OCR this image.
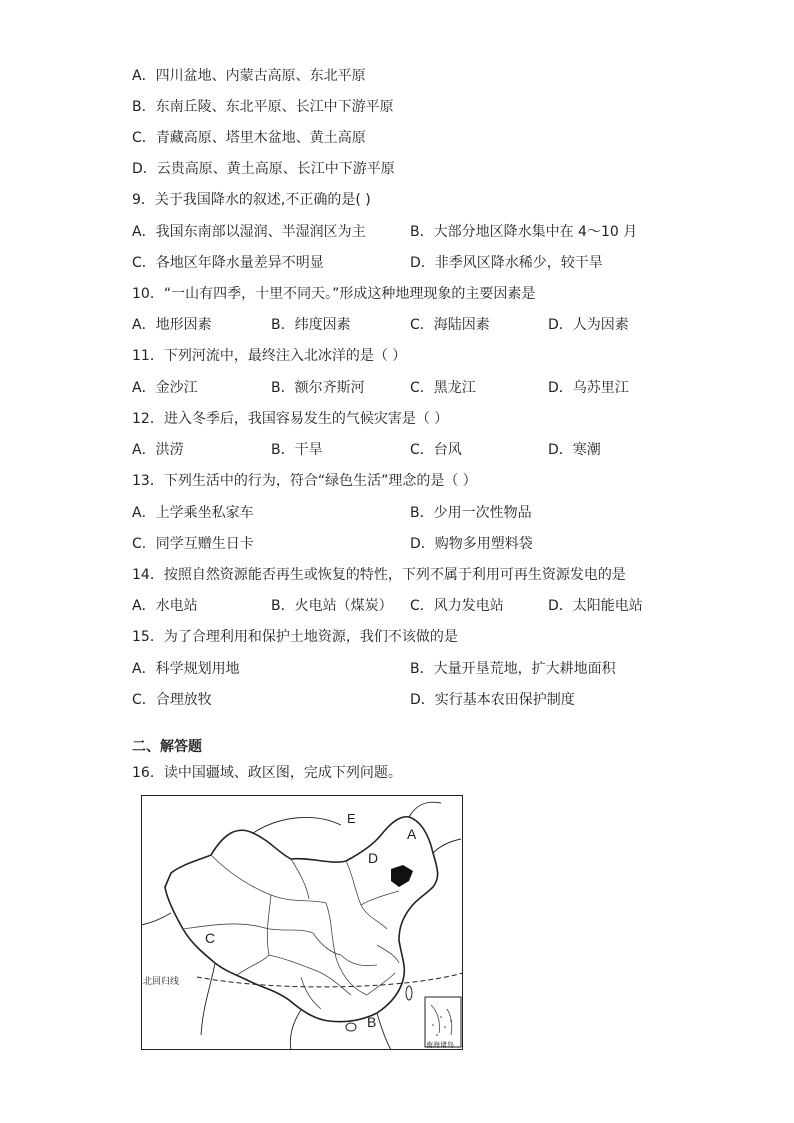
A．四川盆地、内蒙古高原、东北平原
B．东南丘陵、东北平原、长江中下游平原
C．青藏高原、塔里木盆地、黄土高原
D．云贵高原、黄土高原、长江中下游平原
9．关于我国降水的叙述,不正确的是( )
A．我国东南部以湿润、半湿润区为主	B．大部分地区降水集中在 4～10 月
C．各地区年降水量差异不明显	D．非季风区降水稀少，较干旱
10．“一山有四季，十里不同天。”形成这种地理现象的主要因素是
A．地形因素	B．纬度因素	C．海陆因素	D．人为因素
11．下列河流中，最终注入北冰洋的是（ ）
A．金沙江	B．额尔齐斯河	C．黑龙江	D．乌苏里江
12．进入冬季后，我国容易发生的气候灾害是（ ）
A．洪涝	B．干旱	C．台风	D．寒潮
13．下列生活中的行为，符合“绿色生活”理念的是（ ）
A．上学乘坐私家车	B．少用一次性物品
C．同学互赠生日卡	D．购物多用塑料袋
14．按照自然资源能否再生或恢复的特性，下列不属于利用可再生资源发电的是
A．水电站	B．火电站（煤炭） C．风力发电站	D．太阳能电站
15．为了合理利用和保护土地资源，我们不该做的是
A．科学规划用地	B．大量开垦荒地，扩大耕地面积
C．合理放牧	D．实行基本农田保护制度
二、解答题
16．读中国疆域、政区图，完成下列问题。
E
A
D
C
B
北回归线
南海诸岛
